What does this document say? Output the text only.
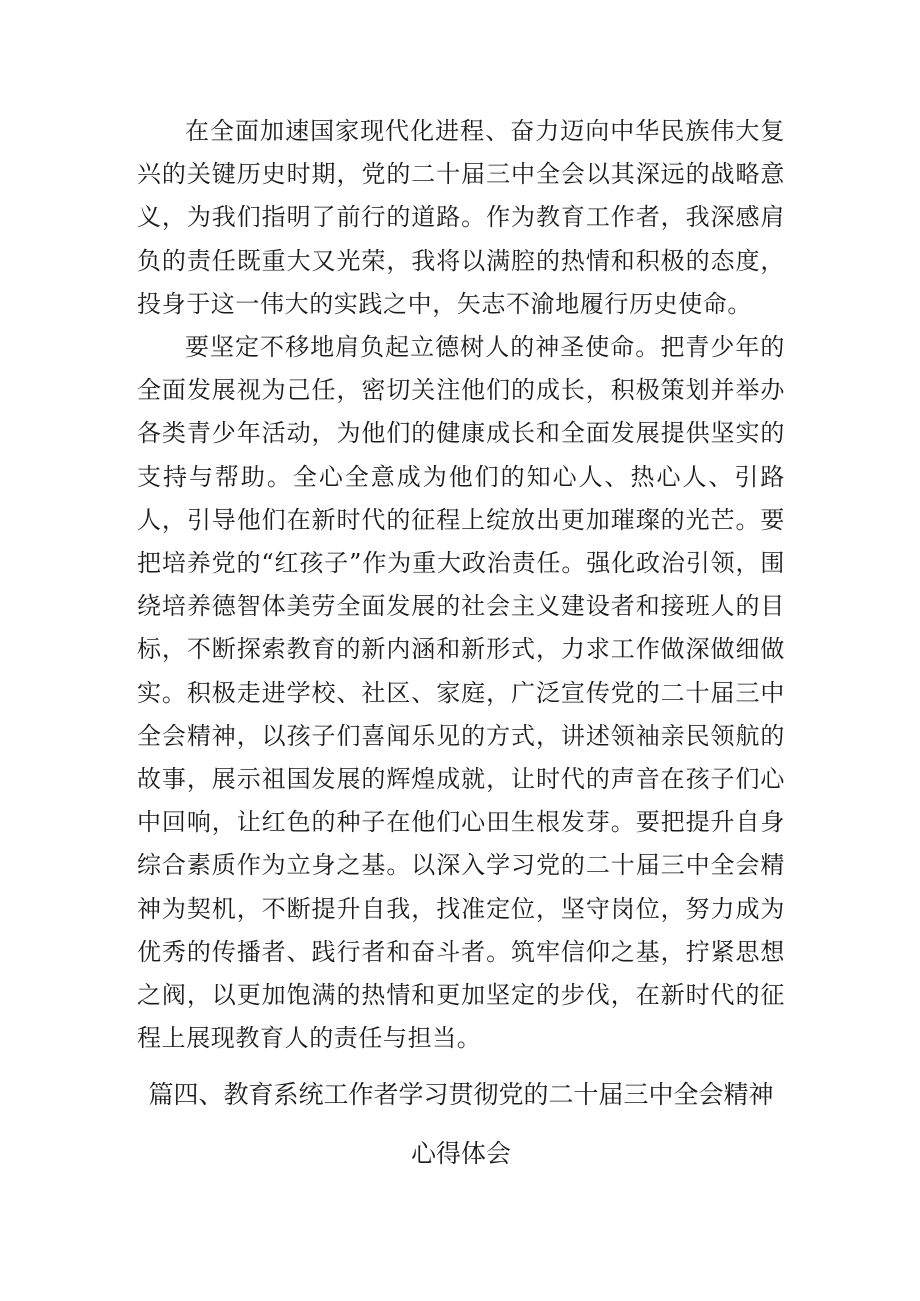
在全面加速国家现代化进程、奋力迈向中华民族伟大复兴的关键历史时期，党的二十届三中全会以其深远的战略意义，为我们指明了前行的道路。作为教育工作者，我深感肩负的责任既重大又光荣，我将以满腔的热情和积极的态度，投身于这一伟大的实践之中，矢志不渝地履行历史使命。

要坚定不移地肩负起立德树人的神圣使命。把青少年的全面发展视为己任，密切关注他们的成长，积极策划并举办各类青少年活动，为他们的健康成长和全面发展提供坚实的支持与帮助。全心全意成为他们的知心人、热心人、引路人，引导他们在新时代的征程上绽放出更加璀璨的光芒。要把培养党的“红孩子”作为重大政治责任。强化政治引领，围绕培养德智体美劳全面发展的社会主义建设者和接班人的目标，不断探索教育的新内涵和新形式，力求工作做深做细做实。积极走进学校、社区、家庭，广泛宣传党的二十届三中全会精神，以孩子们喜闻乐见的方式，讲述领袖亲民领航的故事，展示祖国发展的辉煌成就，让时代的声音在孩子们心中回响，让红色的种子在他们心田生根发芽。要把提升自身综合素质作为立身之基。以深入学习党的二十届三中全会精神为契机，不断提升自我，找准定位，坚守岗位，努力成为优秀的传播者、践行者和奋斗者。筑牢信仰之基，拧紧思想之阀，以更加饱满的热情和更加坚定的步伐，在新时代的征程上展现教育人的责任与担当。

篇四、教育系统工作者学习贯彻党的二十届三中全会精神

心得体会
